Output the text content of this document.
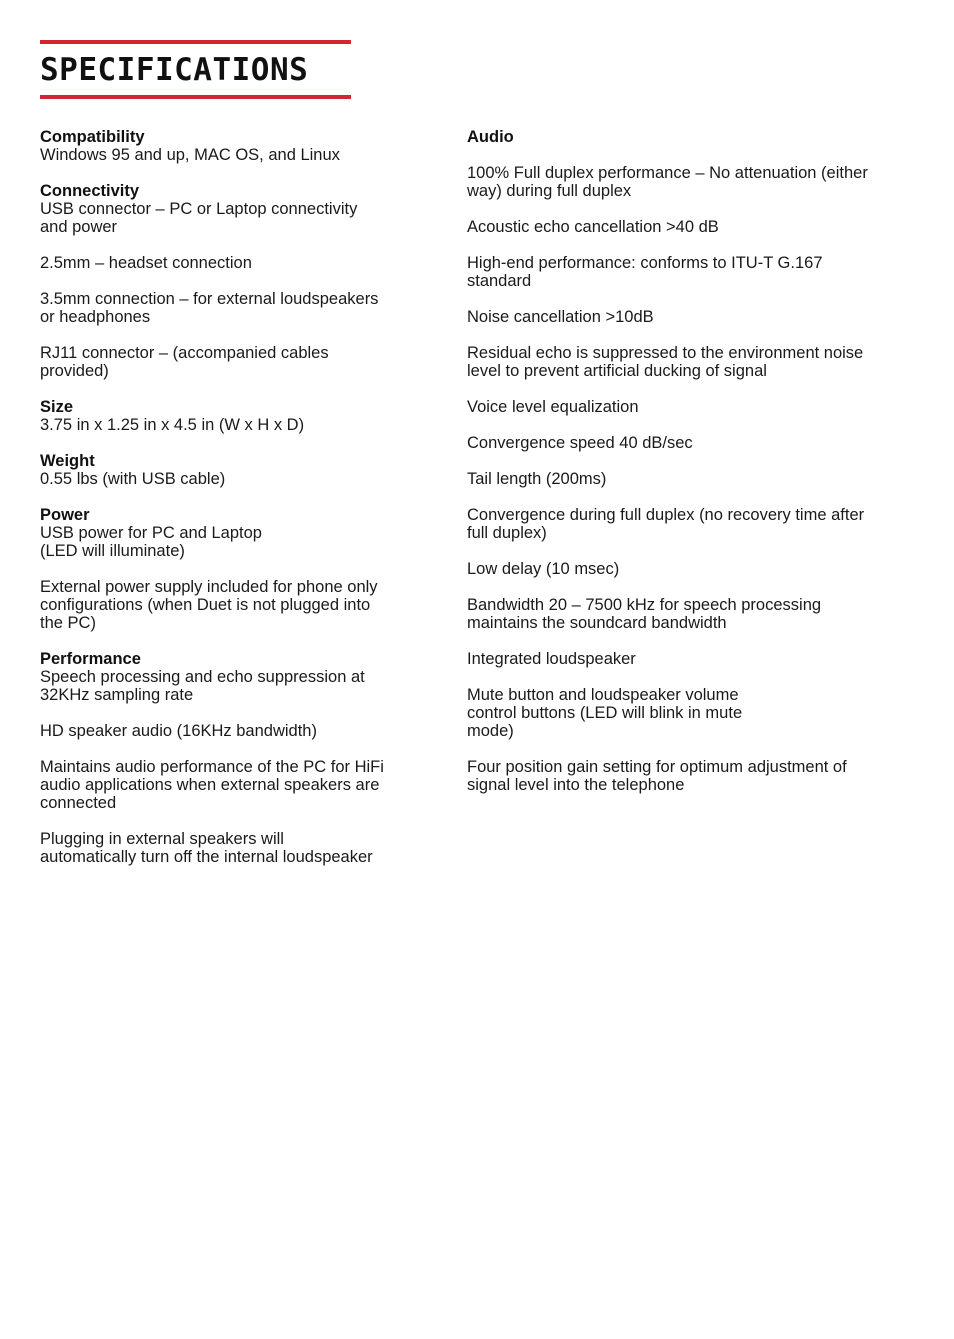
SPECIFICATIONS
Compatibility
Windows 95 and up, MAC OS, and Linux
Connectivity
USB connector – PC or Laptop connectivity
and power
2.5mm – headset connection
3.5mm connection – for external loudspeakers
or headphones
RJ11 connector – (accompanied cables
provided)
Size
3.75 in x 1.25 in x 4.5 in (W x H x D)
Weight
0.55 lbs (with USB cable)
Power
USB power for PC and Laptop
(LED will illuminate)
External power supply included for phone only
configurations (when Duet is not plugged into
the PC)
Performance
Speech processing and echo suppression at
32KHz sampling rate
HD speaker audio (16KHz bandwidth)
Maintains audio performance of the PC for HiFi
audio applications when external speakers are
connected
Plugging in external speakers will
automatically turn off the internal loudspeaker
Audio
100% Full duplex performance – No attenuation (either
way) during full duplex
Acoustic echo cancellation >40 dB
High-end performance: conforms to ITU-T G.167
standard
Noise cancellation >10dB
Residual echo is suppressed to the environment noise
level to prevent artificial ducking of signal
Voice level equalization
Convergence speed 40 dB/sec
Tail length (200ms)
Convergence during full duplex (no recovery time after
full duplex)
Low delay (10 msec)
Bandwidth 20 – 7500 kHz for speech processing
maintains the soundcard bandwidth
Integrated loudspeaker
Mute button and loudspeaker volume
control buttons (LED will blink in mute
mode)
Four position gain setting for optimum adjustment of
signal level into the telephone
